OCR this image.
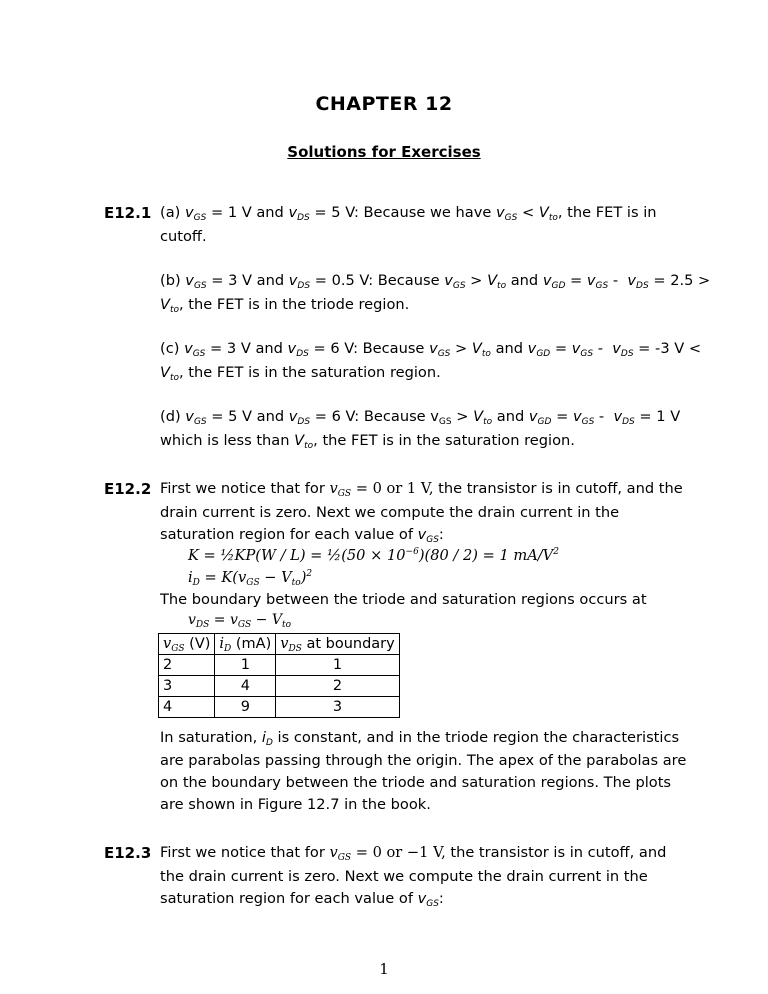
CHAPTER 12
Solutions for Exercises
E12.1 (a) $v_{GS} = 1$ V and $v_{DS} = 5$ V: Because we have $v_{GS} < V_{to}$, the FET is in
cutoff.
(b) $v_{GS} = 3$ V and $v_{DS} = 0.5$ V: Because $v_{GS} > V_{to}$ and $v_{GD} = v_{GS} - v_{DS} = 2.5$ >
$V_{to}$, the FET is in the triode region.
(c) $v_{GS} = 3$ V and $v_{DS} = 6$ V: Because $v_{GS} > V_{to}$ and $v_{GD} = v_{GS} - v_{DS} = -3$ V <
$V_{to}$, the FET is in the saturation region.
(d) $v_{GS} = 5$ V and $v_{DS} = 6$ V: Because $v_{GS} > V_{to}$ and $v_{GD} = v_{GS} - v_{DS} = 1$ V
which is less than $V_{to}$, the FET is in the saturation region.
E12.2 First we notice that for $v_{GS} = 0$ or 1 V, the transistor is in cutoff, and the
drain current is zero. Next we compute the drain current in the
saturation region for each value of $v_{GS}$:
K = ½KP(W / L) = ½(50 × $10^{-6})(80 / 2) = 1$ $mA/V^2$
$i_D = K(v_{GS} - V_{to})^2$
The boundary between the triode and saturation regions occurs at
$v_{DS} = v_{GS} - V_{to}$
$v_{GS}$ (V)	$i_D$ (mA)	$v_{DS}$ at boundary
2	1	1
3	4	2
4	9	3
In saturation, $i_D$ is constant, and in the triode region the characteristics
are parabolas passing through the origin. The apex of the parabolas are
on the boundary between the triode and saturation regions. The plots
are shown in Figure 12.7 in the book.
E12.3 First we notice that for $v_{GS} = 0$ or −1 V, the transistor is in cutoff, and
the drain current is zero. Next we compute the drain current in the
saturation region for each value of $v_{GS}$:
1
